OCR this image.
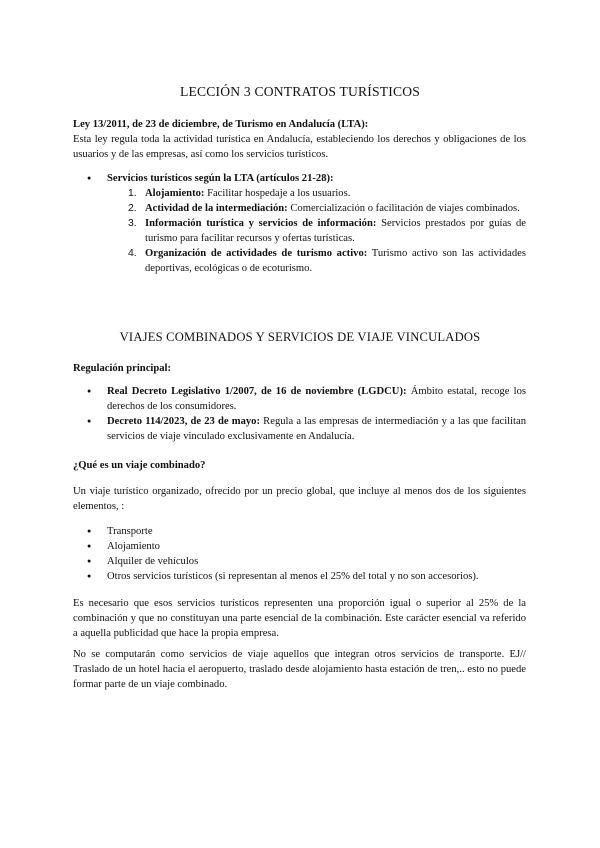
LECCIÓN 3 CONTRATOS TURÍSTICOS

Ley 13/2011, de 23 de diciembre, de Turismo en Andalucía (LTA):

Esta ley regula toda la actividad turística en Andalucía, estableciendo los derechos y obligaciones de los usuarios y de las empresas, así como los servicios turísticos.

● Servicios turísticos según la LTA (artículos 21-28):
1. Alojamiento: Facilitar hospedaje a los usuarios.
2. Actividad de la intermediación: Comercialización o facilitación de viajes combinados.
3. Información turística y servicios de información: Servicios prestados por guías de turismo para facilitar recursos y ofertas turísticas.
4. Organización de actividades de turismo activo: Turismo activo son las actividades deportivas, ecológicas o de ecoturismo.
VIAJES COMBINADOS Y SERVICIOS DE VIAJE VINCULADOS

Regulación principal:

● Real Decreto Legislativo 1/2007, de 16 de noviembre (LGDCU): Ámbito estatal, recoge los derechos de los consumidores.
● Decreto 114/2023, de 23 de mayo: Regula a las empresas de intermediación y a las que facilitan servicios de viaje vinculado exclusivamente en Andalucía.

¿Qué es un viaje combinado?

Un viaje turístico organizado, ofrecido por un precio global, que incluye al menos dos de los siguientes elementos, :

● Transporte
● Alojamiento
● Alquiler de vehículos
● Otros servicios turísticos (si representan al menos el 25% del total y no son accesorios).

Es necesario que esos servicios turísticos representen una proporción igual o superior al 25% de la combinación y que no constituyan una parte esencial de la combinación. Este carácter esencial va referido a aquella publicidad que hace la propia empresa.

No se computarán como servicios de viaje aquellos que integran otros servicios de transporte. EJ// Traslado de un hotel hacia el aeropuerto, traslado desde alojamiento hasta estación de tren,.. esto no puede formar parte de un viaje combinado.
